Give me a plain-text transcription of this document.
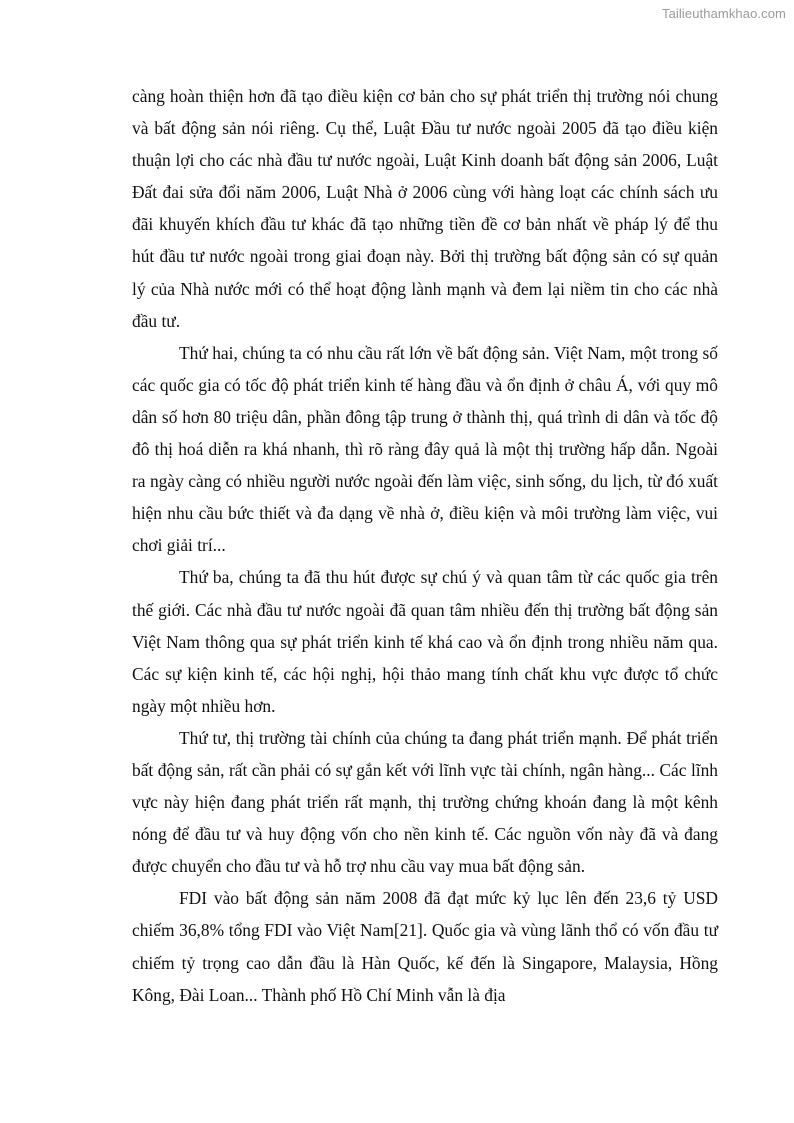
Tailieuthamkhao.com

càng hoàn thiện hơn đã tạo điều kiện cơ bản cho sự phát triển thị trường nói chung và bất động sản nói riêng. Cụ thể, Luật Đầu tư nước ngoài 2005 đã tạo điều kiện thuận lợi cho các nhà đầu tư nước ngoài, Luật Kinh doanh bất động sản 2006, Luật Đất đai sửa đổi năm 2006, Luật Nhà ở 2006 cùng với hàng loạt các chính sách ưu đãi khuyến khích đầu tư khác đã tạo những tiền đề cơ bản nhất về pháp lý để thu hút đầu tư nước ngoài trong giai đoạn này. Bởi thị trường bất động sản có sự quản lý của Nhà nước mới có thể hoạt động lành mạnh và đem lại niềm tin cho các nhà đầu tư.

Thứ hai, chúng ta có nhu cầu rất lớn về bất động sản. Việt Nam, một trong số các quốc gia có tốc độ phát triển kinh tế hàng đầu và ổn định ở châu Á, với quy mô dân số hơn 80 triệu dân, phần đông tập trung ở thành thị, quá trình di dân và tốc độ đô thị hoá diễn ra khá nhanh, thì rõ ràng đây quả là một thị trường hấp dẫn. Ngoài ra ngày càng có nhiều người nước ngoài đến làm việc, sinh sống, du lịch, từ đó xuất hiện nhu cầu bức thiết và đa dạng về nhà ở, điều kiện và môi trường làm việc, vui chơi giải trí...

Thứ ba, chúng ta đã thu hút được sự chú ý và quan tâm từ các quốc gia trên thế giới. Các nhà đầu tư nước ngoài đã quan tâm nhiều đến thị trường bất động sản Việt Nam thông qua sự phát triển kinh tế khá cao và ổn định trong nhiều năm qua. Các sự kiện kinh tế, các hội nghị, hội thảo mang tính chất khu vực được tổ chức ngày một nhiều hơn.

Thứ tư, thị trường tài chính của chúng ta đang phát triển mạnh. Để phát triển bất động sản, rất cần phải có sự gắn kết với lĩnh vực tài chính, ngân hàng... Các lĩnh vực này hiện đang phát triển rất mạnh, thị trường chứng khoán đang là một kênh nóng để đầu tư và huy động vốn cho nền kinh tế. Các nguồn vốn này đã và đang được chuyển cho đầu tư và hỗ trợ nhu cầu vay mua bất động sản.

FDI vào bất động sản năm 2008 đã đạt mức kỷ lục lên đến 23,6 tỷ USD chiếm 36,8% tổng FDI vào Việt Nam[21]. Quốc gia và vùng lãnh thổ có vốn đầu tư chiếm tỷ trọng cao dẫn đầu là Hàn Quốc, kế đến là Singapore, Malaysia, Hồng Kông, Đài Loan... Thành phố Hồ Chí Minh vẫn là địa
